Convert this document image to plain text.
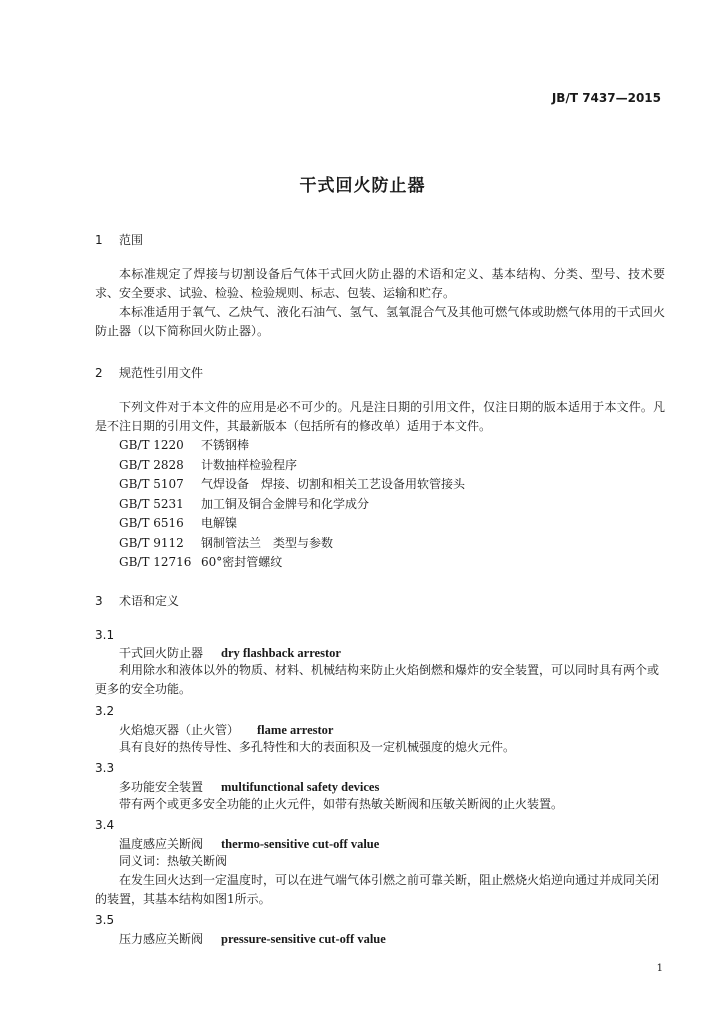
JB/T 7437—2015
干式回火防止器
1 范围
本标准规定了焊接与切割设备后气体干式回火防止器的术语和定义、基本结构、分类、型号、技术要求、安全要求、试验、检验、检验规则、标志、包装、运输和贮存。
本标准适用于氧气、乙炔气、液化石油气、氢气、氢氧混合气及其他可燃气体或助燃气体用的干式回火防止器（以下简称回火防止器）。
2 规范性引用文件
下列文件对于本文件的应用是必不可少的。凡是注日期的引用文件，仅注日期的版本适用于本文件。凡是不注日期的引用文件，其最新版本（包括所有的修改单）适用于本文件。
GB/T 1220 不锈钢棒
GB/T 2828 计数抽样检验程序
GB/T 5107 气焊设备　焊接、切割和相关工艺设备用软管接头
GB/T 5231 加工铜及铜合金牌号和化学成分
GB/T 6516 电解镍
GB/T 9112 钢制管法兰　类型与参数
GB/T 12716 60°密封管螺纹
3 术语和定义
3.1
干式回火防止器 dry flashback arrestor
利用除水和液体以外的物质、材料、机械结构来防止火焰倒燃和爆炸的安全装置，可以同时具有两个或更多的安全功能。
3.2
火焰熄灭器（止火管） flame arrestor
具有良好的热传导性、多孔特性和大的表面积及一定机械强度的熄火元件。
3.3
多功能安全装置 multifunctional safety devices
带有两个或更多安全功能的止火元件，如带有热敏关断阀和压敏关断阀的止火装置。
3.4
温度感应关断阀 thermo-sensitive cut-off value
同义词：热敏关断阀
在发生回火达到一定温度时，可以在进气端气体引燃之前可靠关断，阻止燃烧火焰逆向通过并成同关闭的装置，其基本结构如图1所示。
3.5
压力感应关断阀 pressure-sensitive cut-off value
1
